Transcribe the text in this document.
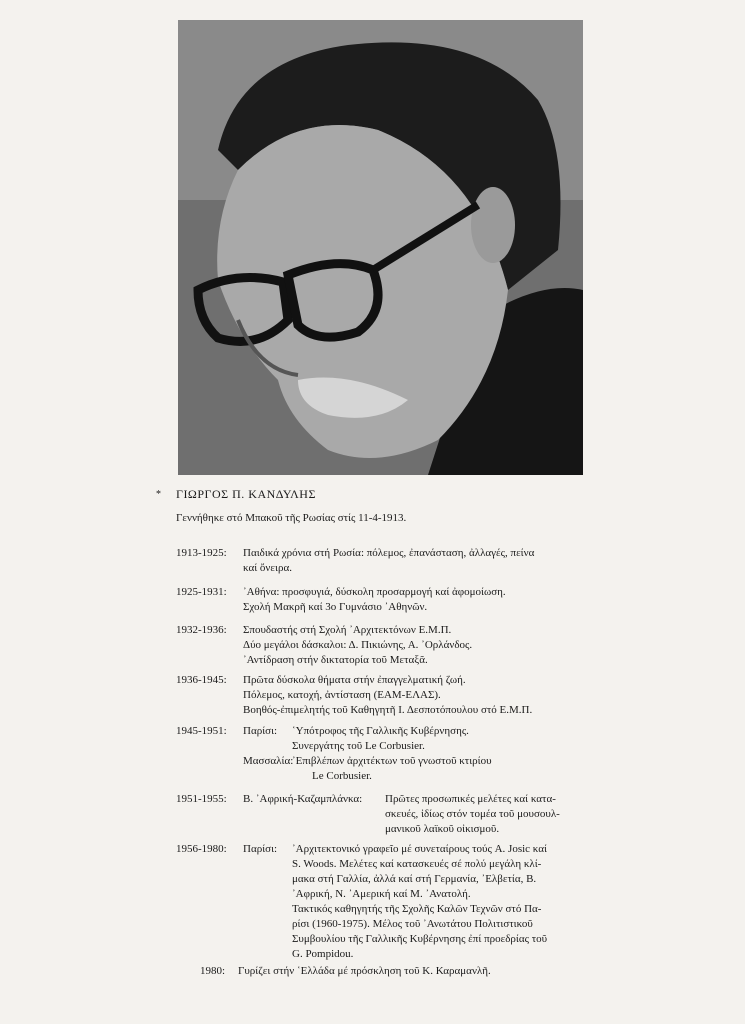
* ΓΙΩΡΓΟΣ Π. ΚΑΝΔΥΛΗΣ
Γεννήθηκε στό Μπακοῦ τῆς Ρωσίας στίς 11-4-1913.
1913-1925: Παιδικά χρόνια στή Ρωσία: πόλεμος, ἐπανάσταση, ἀλλαγές, πείνα
καί ὄνειρα.
1925-1931: ᾿Αθήνα: προσφυγιά, δύσκολη προσαρμογή καί ἀφομοίωση.
Σχολή Μακρῆ καί 3ο Γυμνάσιο ᾿Αθηνῶν.
1932-1936: Σπουδαστής στή Σχολή ᾿Αρχιτεκτόνων Ε.Μ.Π.
Δύο μεγάλοι δάσκαλοι: Δ. Πικιώνης, Α. ᾿Ορλάνδος.
᾿Αντίδραση στήν δικτατορία τοῦ Μεταξᾶ.
1936-1945: Πρῶτα δύσκολα θήματα στήν ἐπαγγελματική ζωή.
Πόλεμος, κατοχή, ἀντίσταση (ΕΑΜ-ΕΛΑΣ).
Βοηθός-ἐπιμελητής τοῦ Καθηγητῆ Ι. Δεσποτόπουλου στό Ε.Μ.Π.
1945-1951: Παρίσι: ῾Υπότροφος τῆς Γαλλικῆς Κυβέρνησης.
Συνεργάτης τοῦ Le Corbusier.
Μασσαλία:
᾿Επιβλέπων ἀρχιτέκτων τοῦ γνωστοῦ κτιρίου
Le Corbusier.
1951-1955: Β. ᾿Αφρική-Καζαμπλάνκα: Πρῶτες προσωπικές μελέτες καί κατα-
σκευές, ἰδίως στόν τομέα τοῦ μουσουλ-
μανικοῦ λαϊκοῦ οἰκισμοῦ.
1956-1980: Παρίσι: ᾿Αρχιτεκτονικό γραφεῖο μέ συνεταίρους τούς A. Josic καί
S. Woods. Μελέτες καί κατασκευές σέ πολύ μεγάλη κλί-
μακα στή Γαλλία, ἀλλά καί στή Γερμανία, ᾿Ελβετία, Β.
᾿Αφρική, Ν. ᾿Αμερική καί Μ. ᾿Ανατολή.
Τακτικός καθηγητής τῆς Σχολῆς Καλῶν Τεχνῶν στό Πα-
ρίσι (1960-1975). Μέλος τοῦ ᾿Ανωτάτου Πολιτιστικοῦ
Συμβουλίου τῆς Γαλλικῆς Κυβέρνησης ἐπί προεδρίας τοῦ
G. Pompidou.
1980: Γυρίζει στήν ῾Ελλάδα μέ πρόσκληση τοῦ Κ. Καραμανλῆ.
